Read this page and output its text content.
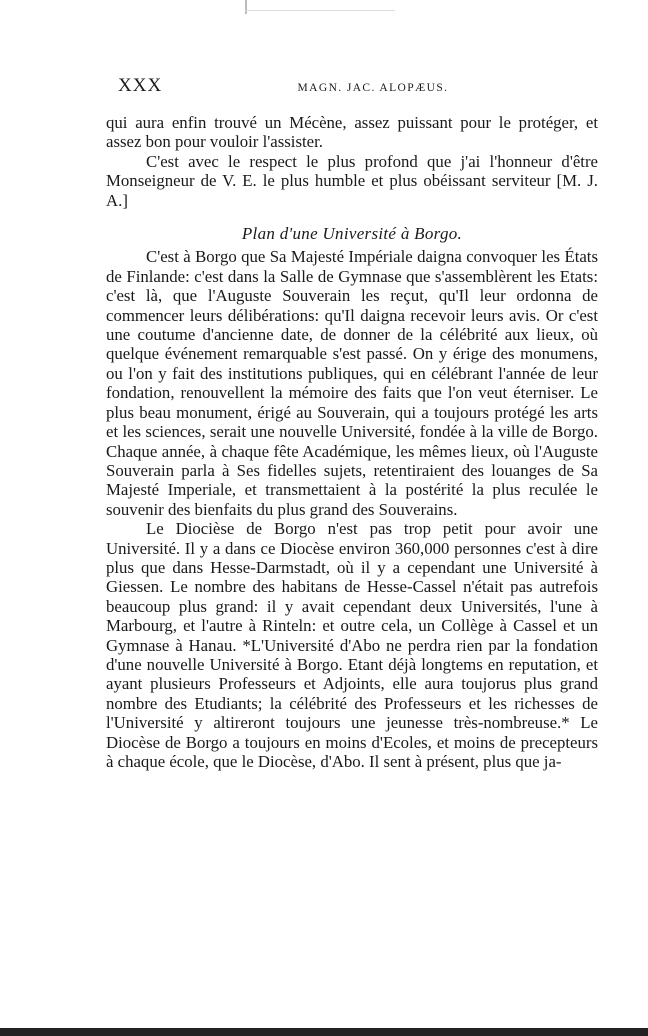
XXX	MAGN. JAC. ALOPÆUS.

qui aura enfin trouvé un Mécène, assez puissant pour le protéger, et assez bon pour vouloir l'assister.

C'est avec le respect le plus profond que j'ai l'honneur d'être Monseigneur de V. E. le plus humble et plus obéissant serviteur [M. J. A.]

Plan d'une Université à Borgo.

C'est à Borgo que Sa Majesté Impériale daigna convoquer les États de Finlande: c'est dans la Salle de Gymnase que s'assemblèrent les Etats: c'est là, que l'Auguste Souverain les reçut, qu'Il leur ordonna de commencer leurs délibérations: qu'Il daigna recevoir leurs avis. Or c'est une coutume d'ancienne date, de donner de la célébrité aux lieux, où quelque événement remarquable s'est passé. On y érige des monumens, ou l'on y fait des institutions publiques, qui en célébrant l'année de leur fondation, renouvellent la mémoire des faits que l'on veut éterniser. Le plus beau monument, érigé au Souverain, qui a toujours protégé les arts et les sciences, serait une nouvelle Université, fondée à la ville de Borgo. Chaque année, à chaque fête Académique, les mêmes lieux, où l'Auguste Souverain parla à Ses fidelles sujets, retentiraient des louanges de Sa Majesté Imperiale, et transmettaient à la postérité la plus reculée le souvenir des bienfaits du plus grand des Souverains.

Le Diocièse de Borgo n'est pas trop petit pour avoir une Université. Il y a dans ce Diocèse environ 360,000 personnes c'est à dire plus que dans Hesse-Darmstadt, où il y a cependant une Université à Giessen. Le nombre des habitans de Hesse-Cassel n'était pas autrefois beaucoup plus grand: il y avait cependant deux Universités, l'une à Marbourg, et l'autre à Rinteln: et outre cela, un Collège à Cassel et un Gymnase à Hanau. *L'Université d'Abo ne perdra rien par la fondation d'une nouvelle Université à Borgo. Etant déjà longtems en reputation, et ayant plusieurs Professeurs et Adjoints, elle aura toujorus plus grand nombre des Etudiants; la célébrité des Professeurs et les richesses de l'Université y altireront toujours une jeunesse très-nombreuse.* Le Diocèse de Borgo a toujours en moins d'Ecoles, et moins de precepteurs à chaque école, que le Diocèse, d'Abo. Il sent à présent, plus que ja-
